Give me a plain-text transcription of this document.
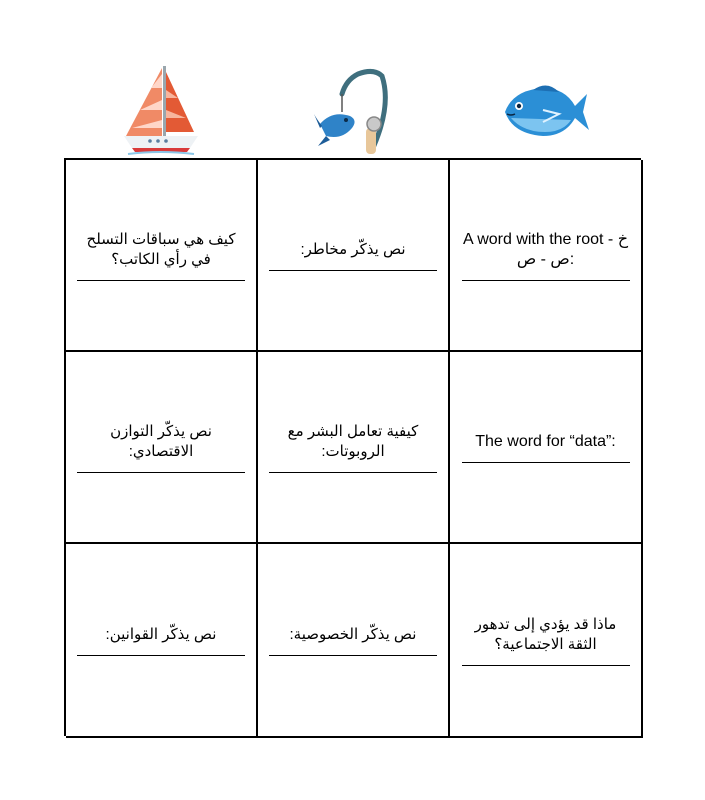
كيف هي سباقات التسلح في رأي الكاتب؟
نص يذكّر مخاطر:
A word with the root خ - ص - ص:
نص يذكّر التوازن الاقتصادي:
كيفية تعامل البشر مع الروبوتات:
The word for “data”:
نص يذكّر القوانين:	نص يذكّر الخصوصية:
ماذا قد يؤدي إلى تدهور الثقة الاجتماعية؟
